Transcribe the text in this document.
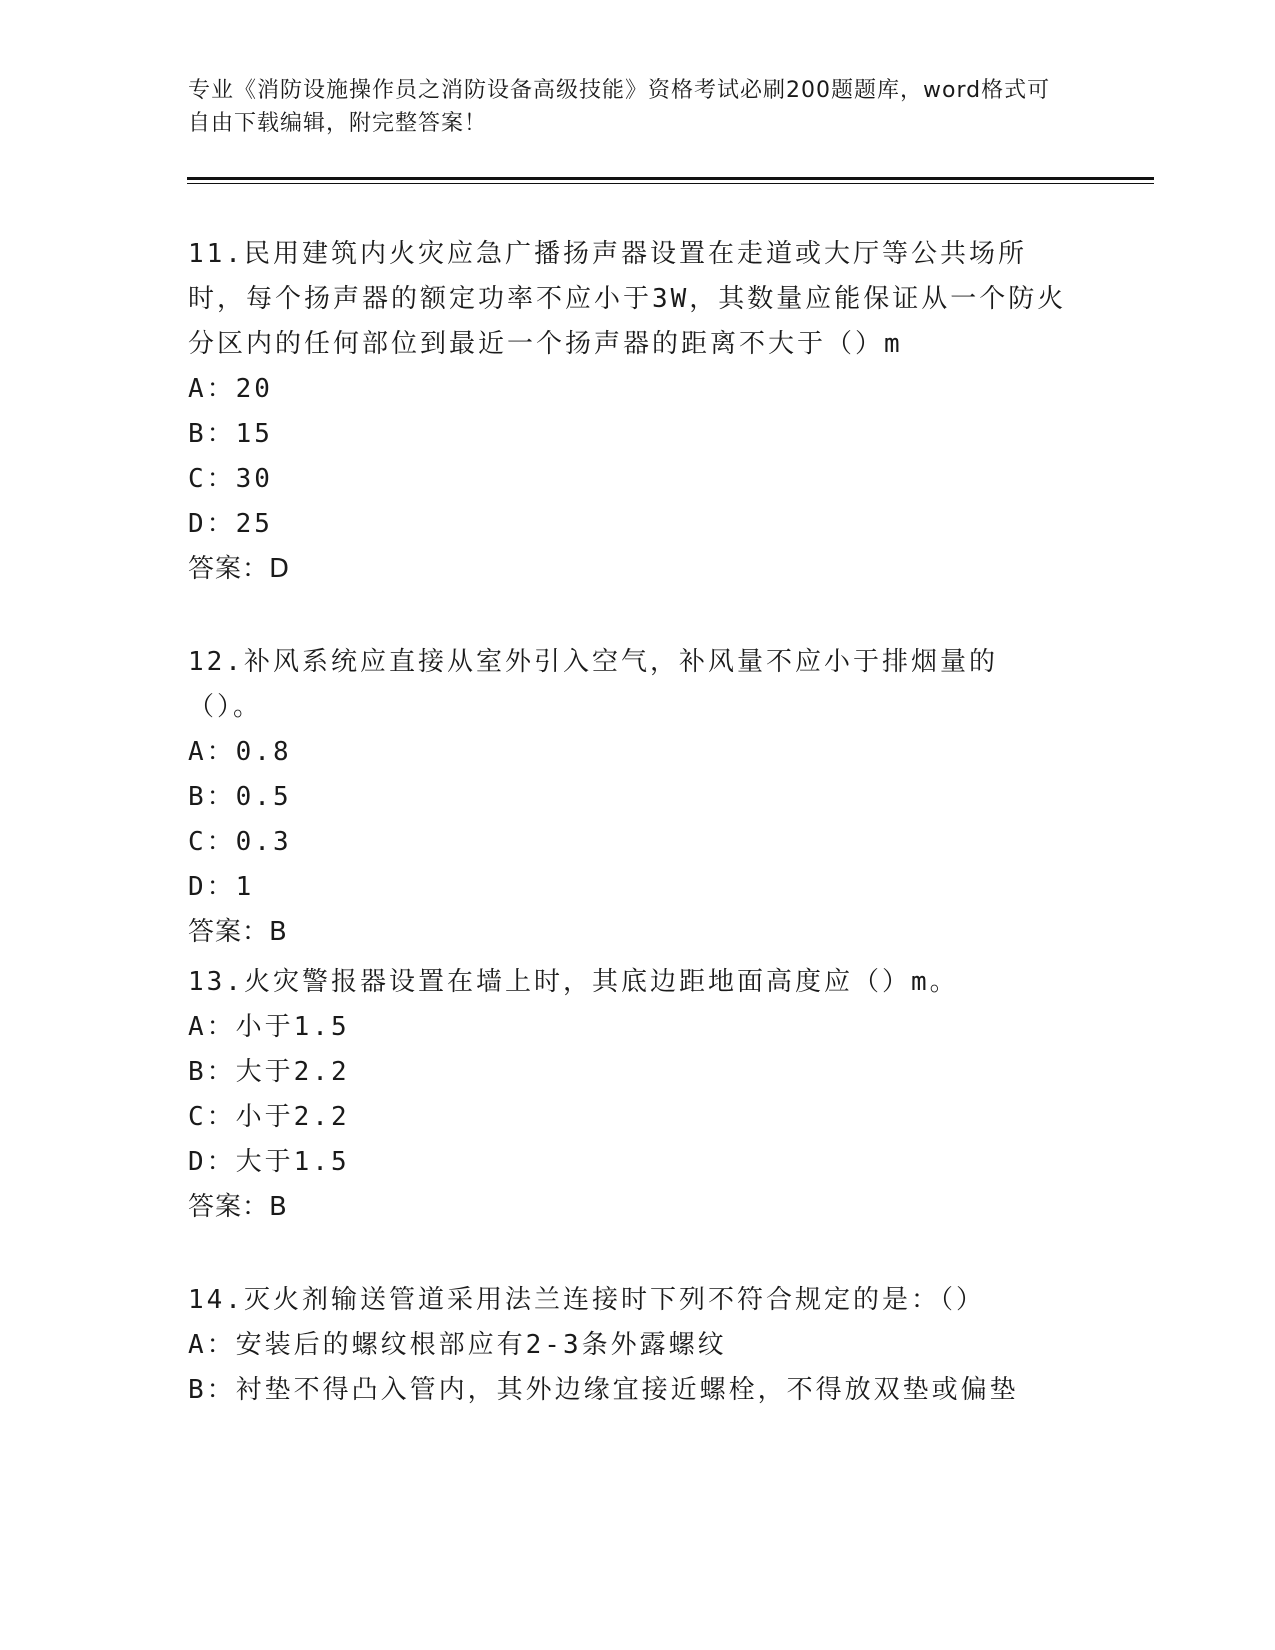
专业《消防设施操作员之消防设备高级技能》资格考试必刷200题题库，word格式可自由下载编辑，附完整答案！

11.民用建筑内火灾应急广播扬声器设置在走道或大厅等公共场所时，每个扬声器的额定功率不应小于3W，其数量应能保证从一个防火分区内的任何部位到最近一个扬声器的距离不大于（）m

A：20

B：15

C：30

D：25

答案：D

12.补风系统应直接从室外引入空气，补风量不应小于排烟量的（）。

A：0.8

B：0.5

C：0.3

D：1

答案：B

13.火灾警报器设置在墙上时，其底边距地面高度应（）m。

A：小于1.5

B：大于2.2

C：小于2.2

D：大于1.5

答案：B

14.灭火剂输送管道采用法兰连接时下列不符合规定的是：（）

A：安装后的螺纹根部应有2-3条外露螺纹

B：衬垫不得凸入管内，其外边缘宜接近螺栓，不得放双垫或偏垫
